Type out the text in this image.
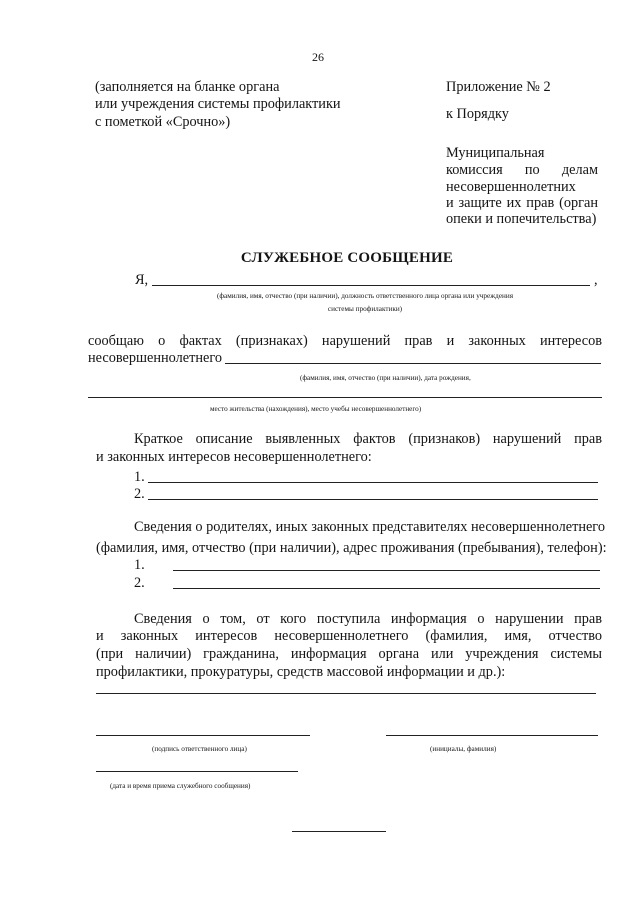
26
(заполняется на бланке органа
или учреждения системы профилактики
с пометкой «Срочно»)
Приложение № 2
к Порядку
Муниципальная
комиссия по делам
несовершеннолетних
и защите их прав (орган
опеки и попечительства)
СЛУЖЕБНОЕ СООБЩЕНИЕ
Я,	,
(фамилия, имя, отчество (при наличии), должность ответственного лица органа или учреждения
системы профилактики)
сообщаю о фактах (признаках) нарушений прав и законных интересов
несовершеннолетнего
(фамилия, имя, отчество (при наличии), дата рождения,
место жительства (нахождения), место учебы несовершеннолетнего)
Краткое описание выявленных фактов (признаков) нарушений прав
и законных интересов несовершеннолетнего:
1.
2.
Сведения о родителях, иных законных представителях несовершеннолетнего
(фамилия, имя, отчество (при наличии), адрес проживания (пребывания), телефон):
1.
2.
Сведения о том, от кого поступила информация о нарушении прав
и законных интересов несовершеннолетнего (фамилия, имя, отчество
(при наличии) гражданина, информация органа или учреждения системы
профилактики, прокуратуры, средств массовой информации и др.):
(подпись ответственного лица)	(инициалы, фамилия)
(дата и время приема служебного сообщения)
